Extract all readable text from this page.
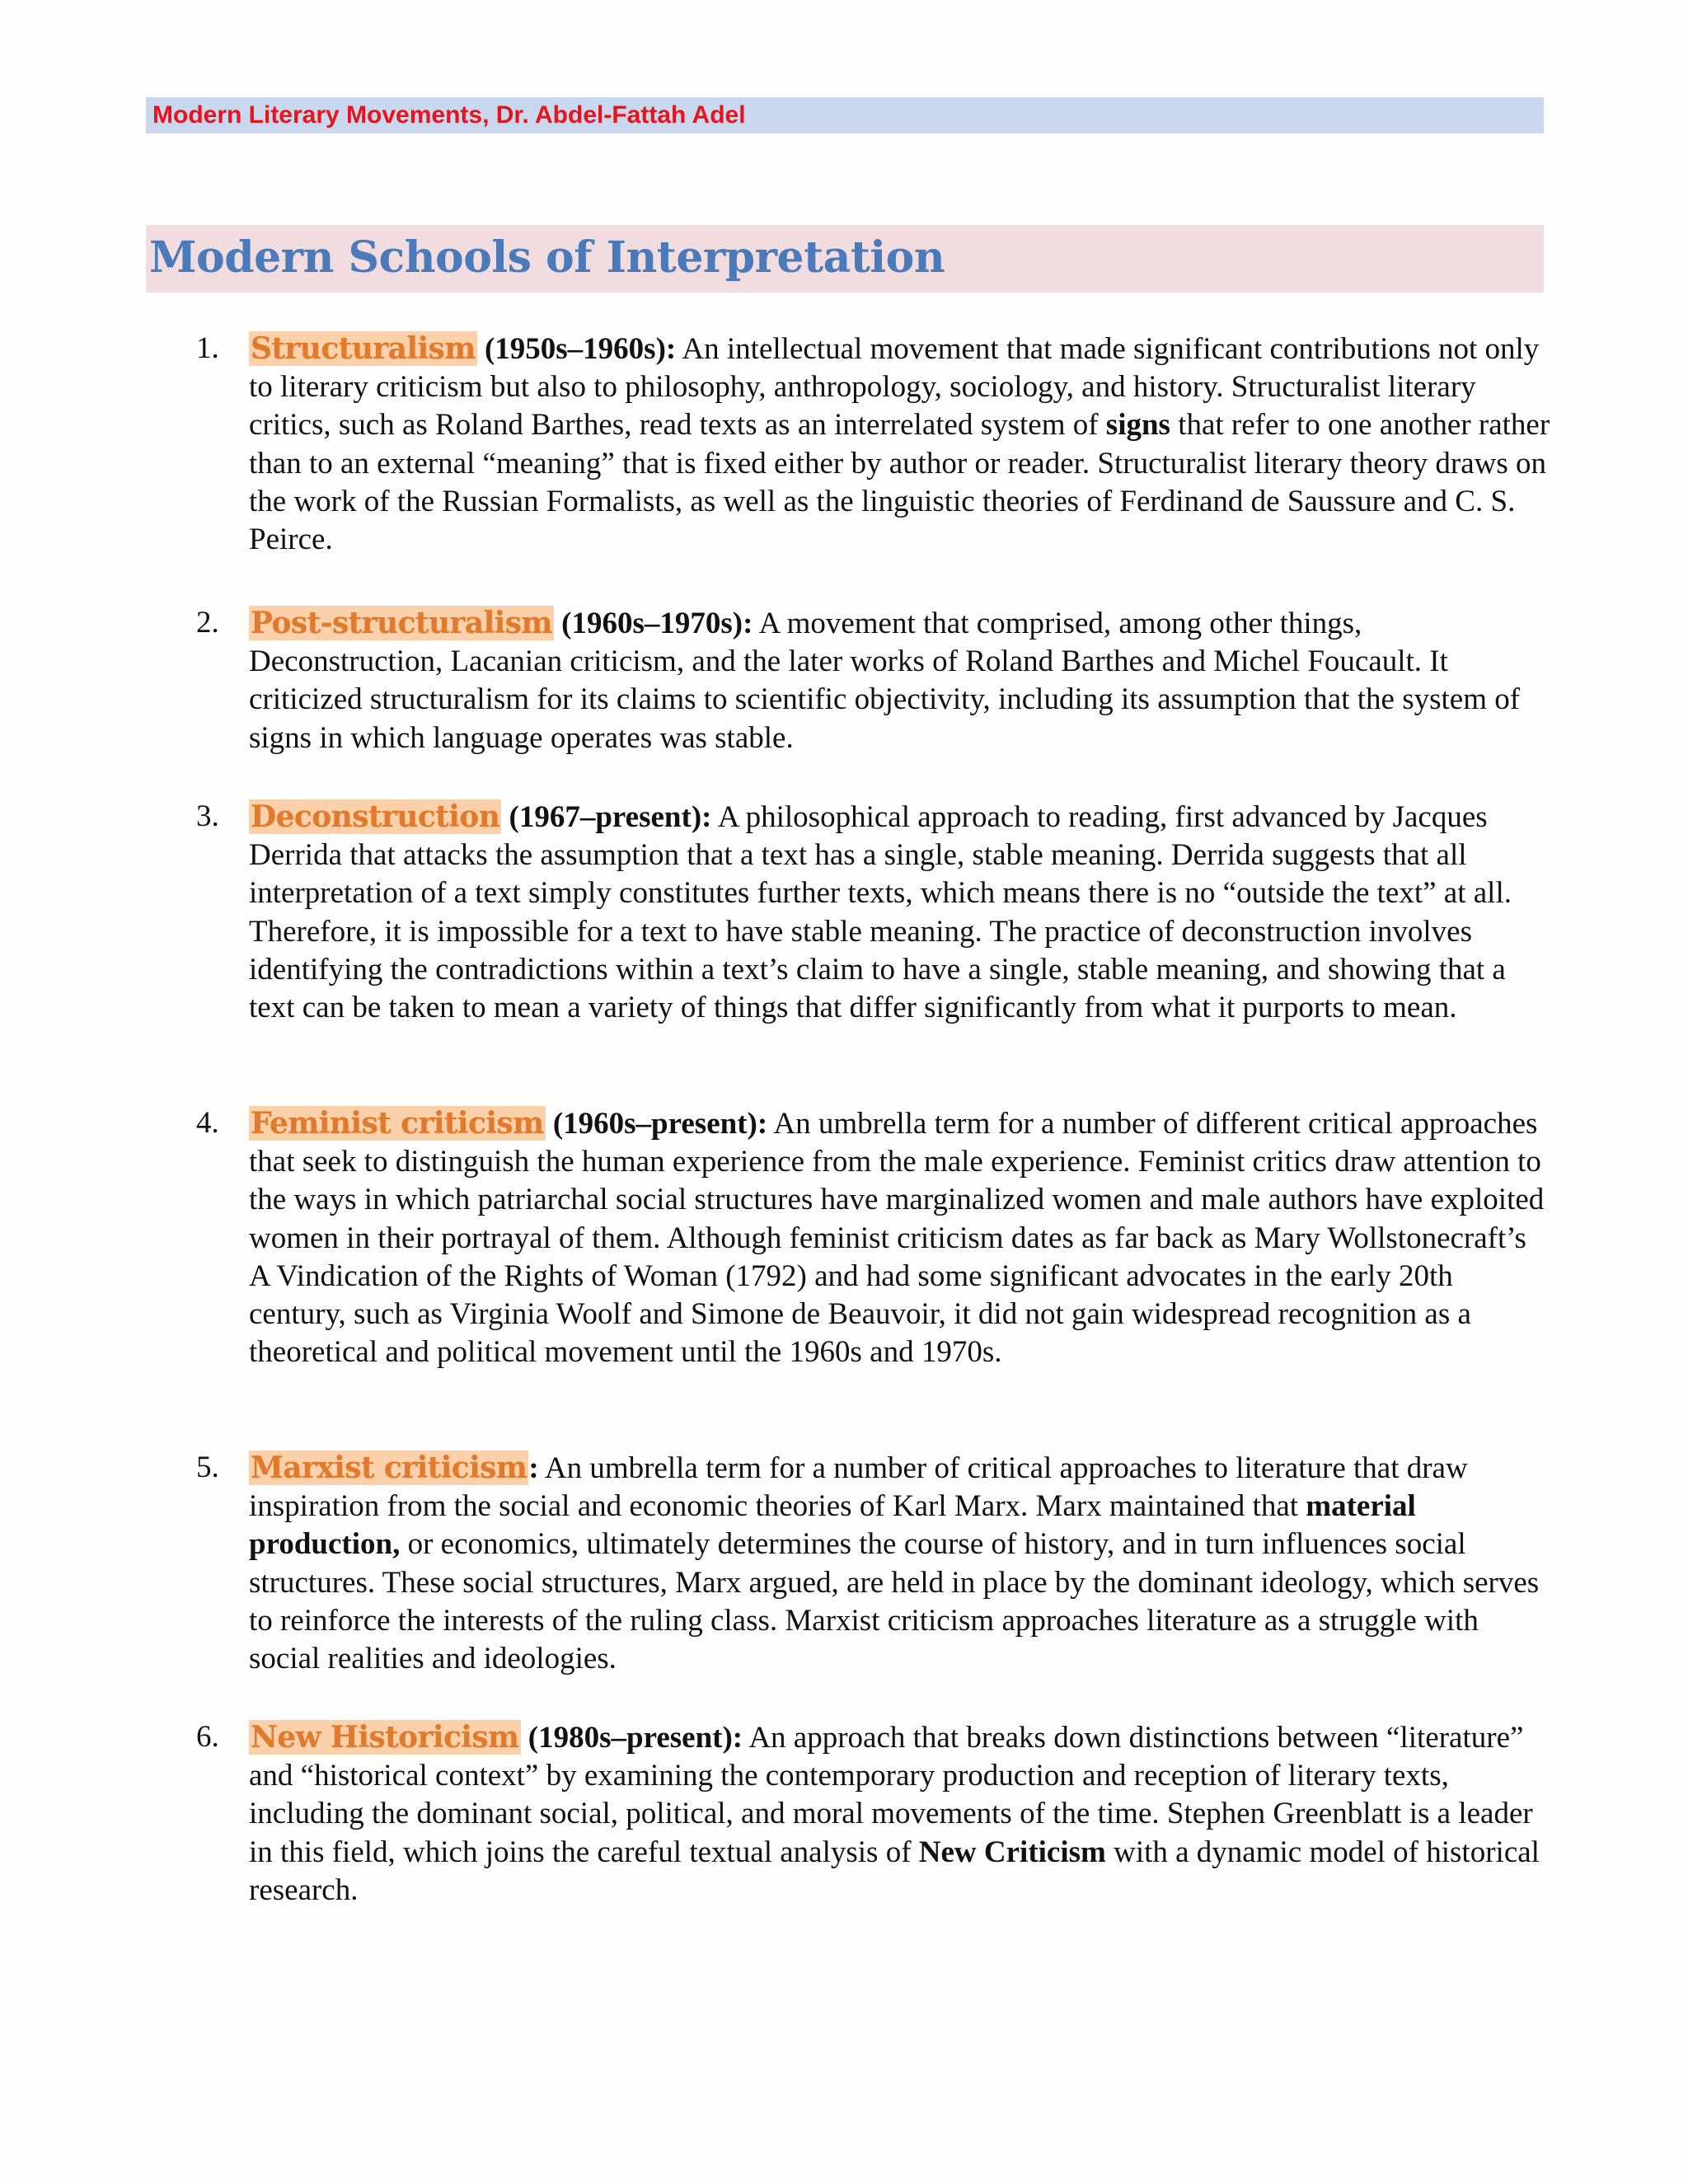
Modern Literary Movements, Dr. Abdel-Fattah Adel
Modern Schools of Interpretation
1. Structuralism (1950s–1960s): An intellectual movement that made significant contributions not only to literary criticism but also to philosophy, anthropology, sociology, and history. Structuralist literary critics, such as Roland Barthes, read texts as an interrelated system of signs that refer to one another rather than to an external “meaning” that is fixed either by author or reader. Structuralist literary theory draws on the work of the Russian Formalists, as well as the linguistic theories of Ferdinand de Saussure and C. S. Peirce.
2. Post-structuralism (1960s–1970s): A movement that comprised, among other things, Deconstruction, Lacanian criticism, and the later works of Roland Barthes and Michel Foucault. It criticized structuralism for its claims to scientific objectivity, including its assumption that the system of signs in which language operates was stable.
3. Deconstruction (1967–present): A philosophical approach to reading, first advanced by Jacques Derrida that attacks the assumption that a text has a single, stable meaning. Derrida suggests that all interpretation of a text simply constitutes further texts, which means there is no “outside the text” at all. Therefore, it is impossible for a text to have stable meaning. The practice of deconstruction involves identifying the contradictions within a text’s claim to have a single, stable meaning, and showing that a text can be taken to mean a variety of things that differ significantly from what it purports to mean.
4. Feminist criticism (1960s–present): An umbrella term for a number of different critical approaches that seek to distinguish the human experience from the male experience. Feminist critics draw attention to the ways in which patriarchal social structures have marginalized women and male authors have exploited women in their portrayal of them. Although feminist criticism dates as far back as Mary Wollstonecraft’s A Vindication of the Rights of Woman (1792) and had some significant advocates in the early 20th century, such as Virginia Woolf and Simone de Beauvoir, it did not gain widespread recognition as a theoretical and political movement until the 1960s and 1970s.
5. Marxist criticism: An umbrella term for a number of critical approaches to literature that draw inspiration from the social and economic theories of Karl Marx. Marx maintained that material production, or economics, ultimately determines the course of history, and in turn influences social structures. These social structures, Marx argued, are held in place by the dominant ideology, which serves to reinforce the interests of the ruling class. Marxist criticism approaches literature as a struggle with social realities and ideologies.
6. New Historicism (1980s–present): An approach that breaks down distinctions between “literature” and “historical context” by examining the contemporary production and reception of literary texts, including the dominant social, political, and moral movements of the time. Stephen Greenblatt is a leader in this field, which joins the careful textual analysis of New Criticism with a dynamic model of historical research.
